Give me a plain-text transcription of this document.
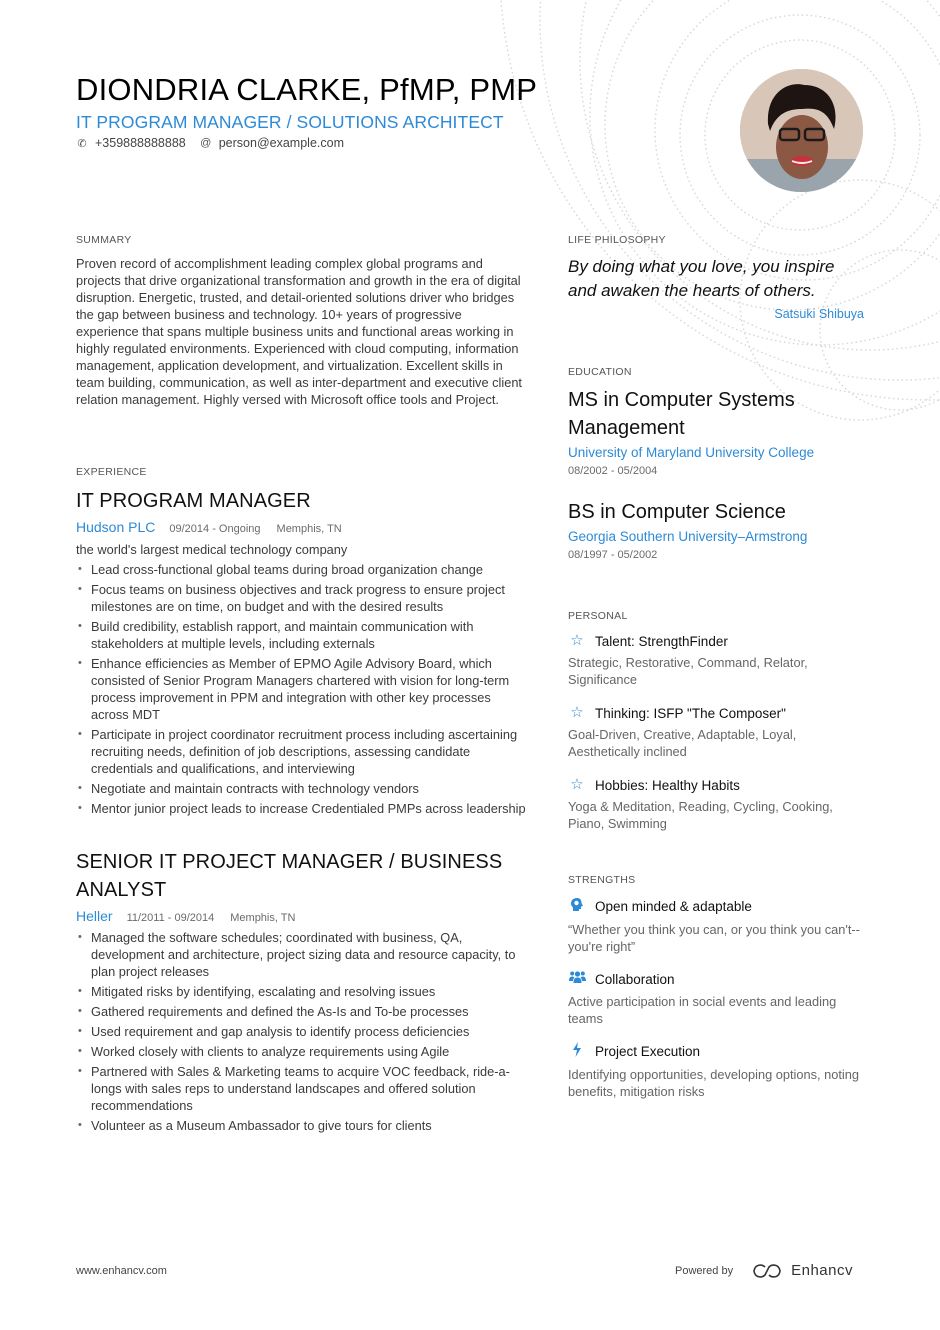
DIONDRIA CLARKE, PfMP, PMP
IT PROGRAM MANAGER / SOLUTIONS ARCHITECT
✆ +359888888888 @ person@example.com
SUMMARY
Proven record of accomplishment leading complex global programs and projects that drive organizational transformation and growth in the era of digital disruption. Energetic, trusted, and detail-oriented solutions driver who bridges the gap between business and technology. 10+ years of progressive experience that spans multiple business units and functional areas working in highly regulated environments. Experienced with cloud computing, information management, application development, and virtualization. Excellent skills in team building, communication, as well as inter-department and executive client relation management. Highly versed with Microsoft office tools and Project.
EXPERIENCE
IT PROGRAM MANAGER
Hudson PLC 09/2014 - Ongoing Memphis, TN
the world's largest medical technology company
• Lead cross-functional global teams during broad organization change
• Focus teams on business objectives and track progress to ensure project milestones are on time, on budget and with the desired results
• Build credibility, establish rapport, and maintain communication with stakeholders at multiple levels, including externals
• Enhance efficiencies as Member of EPMO Agile Advisory Board, which consisted of Senior Program Managers chartered with vision for long-term process improvement in PPM and integration with other key processes across MDT
• Participate in project coordinator recruitment process including ascertaining recruiting needs, definition of job descriptions, assessing candidate credentials and qualifications, and interviewing
• Negotiate and maintain contracts with technology vendors
• Mentor junior project leads to increase Credentialed PMPs across leadership
SENIOR IT PROJECT MANAGER / BUSINESS ANALYST
Heller 11/2011 - 09/2014 Memphis, TN
• Managed the software schedules; coordinated with business, QA, development and architecture, project sizing data and resource capacity, to plan project releases
• Mitigated risks by identifying, escalating and resolving issues
• Gathered requirements and defined the As-Is and To-be processes
• Used requirement and gap analysis to identify process deficiencies
• Worked closely with clients to analyze requirements using Agile
• Partnered with Sales & Marketing teams to acquire VOC feedback, ride-a-longs with sales reps to understand landscapes and offered solution recommendations
• Volunteer as a Museum Ambassador to give tours for clients
LIFE PHILOSOPHY
By doing what you love, you inspire and awaken the hearts of others.
Satsuki Shibuya
EDUCATION
MS in Computer Systems Management
University of Maryland University College
08/2002 - 05/2004
BS in Computer Science
Georgia Southern University–Armstrong
08/1997 - 05/2002
PERSONAL
☆ Talent: StrengthFinder
Strategic, Restorative, Command, Relator, Significance
☆ Thinking: ISFP "The Composer"
Goal-Driven, Creative, Adaptable, Loyal, Aesthetically inclined
☆ Hobbies: Healthy Habits
Yoga & Meditation, Reading, Cycling, Cooking, Piano, Swimming
STRENGTHS
Open minded & adaptable
“Whether you think you can, or you think you can't--you're right”
Collaboration
Active participation in social events and leading teams
Project Execution
Identifying opportunities, developing options, noting benefits, mitigation risks
www.enhancv.com	Powered by	Enhancv
